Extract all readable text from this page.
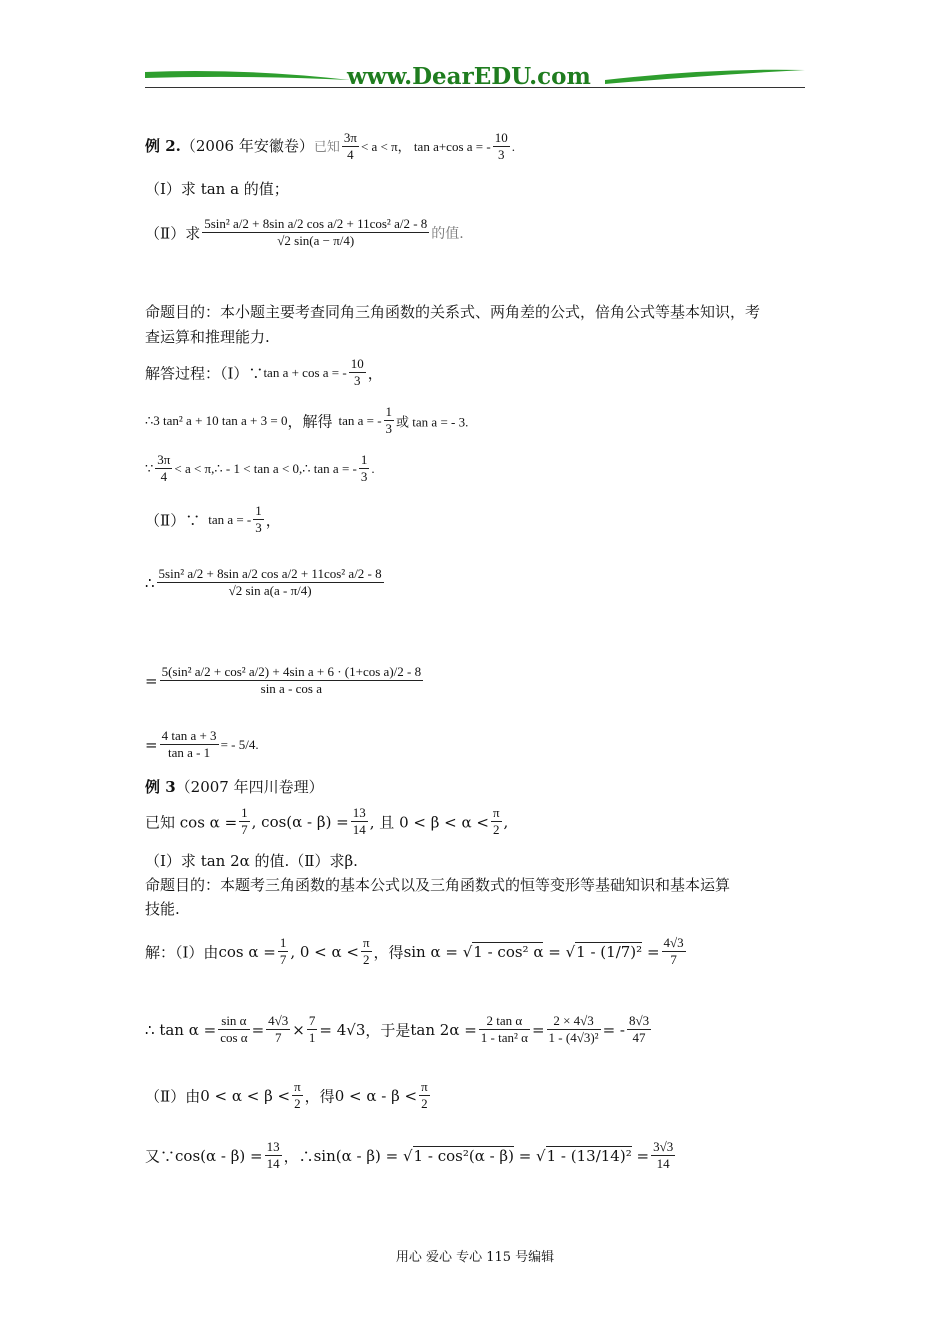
www.DearEDU.com
例 2.（2006 年安徽卷）已知 $\frac{3\pi}{4} < a < \pi$， tan a+cos a = - $\frac{10}{3}$ .
（Ⅰ）求 tan a 的值；
（Ⅱ）求 $\frac{\text{5sin² a/2 + 8sin a/2 cos a/2 + 11cos² a/2 - 8}}{√2 \sin(a - \pi/4)}$ 的值.
命题目的：本小题主要考查同角三角函数的关系式、两角差的公式，倍角公式等基本知识，考
查运算和推理能力.
解答过程：（Ⅰ）∵tan a + cos a = - $\frac{10}{3}$ ，
∴3 tan² a + 10 tan a + 3 = 0，解得 tan a = - $\frac{1}{3}$ 或 tan a = - 3.
∵ $\frac{3\pi}{4} < a$ < π,∴ - 1 < tan a < 0,∴ tan a = - $\frac{1}{3}$ .
（Ⅱ）∵ tan a = - $\frac{1}{3}$ ，
∴ $\frac{\text{5sin² a/2 + 8sin a/2 cos a/2 + 11cos² a/2 - 8}}{\text{√2 sin a(a - π/4)}}$
= $\frac{\text{5(sin² a/2 + cos² a/2) + 4sin a + 6 · (1+cos a)/2 - 8}}{\text{sin a - cos a}}$
= $\frac{\text{4 tan a + 3}}{\text{tan a - 1}}$ = - 5/4.
例 3（2007 年四川卷理）
已知 $\cos \alpha = \frac{1}{7}$ , $\cos(\alpha - \beta) = \frac{13}{14}$ , 且 $0 < \beta < \alpha < \frac{\pi}{2}$ ,
（Ⅰ）求 tan 2α 的值.（Ⅱ）求β.
命题目的：本题考三角函数的基本公式以及三角函数式的恒等变形等基础知识和基本运算
技能.
解：（Ⅰ）由$\cos \alpha = \frac{1}{7}$ , $0 < \alpha < \frac{\pi}{2}$ ，得sin α = √1 - cos² $\alpha = √1 - (1/7)^2 = \frac{4√3}{7}$
∴ $\tan \alpha = \frac{\text{sin α}}{\text{cos α}} = \frac{4√3}{7} \times \frac{7}{1} = 4√3$，于是$\tan 2\alpha = \frac{\text{2 tan α}}{\text{1 - tan² α}} = \frac{2 \times 4√3}{\text{1 - (4√3)²}}$ = - $\frac{8√3}{47}$
（Ⅱ）由$0 < \alpha < \beta < \frac{\pi}{2}$ ，得$0 < \alpha - \beta < \frac{\pi}{2}$
又∵cos(α - $\beta) = \frac{13}{14}$ ，∴sin(α - $\beta) = √1 - \cos^2(\alpha - \beta) = √1 - (13/14)^2 = \frac{3√3}{14}$
用心 爱心 专心 115 号编辑
